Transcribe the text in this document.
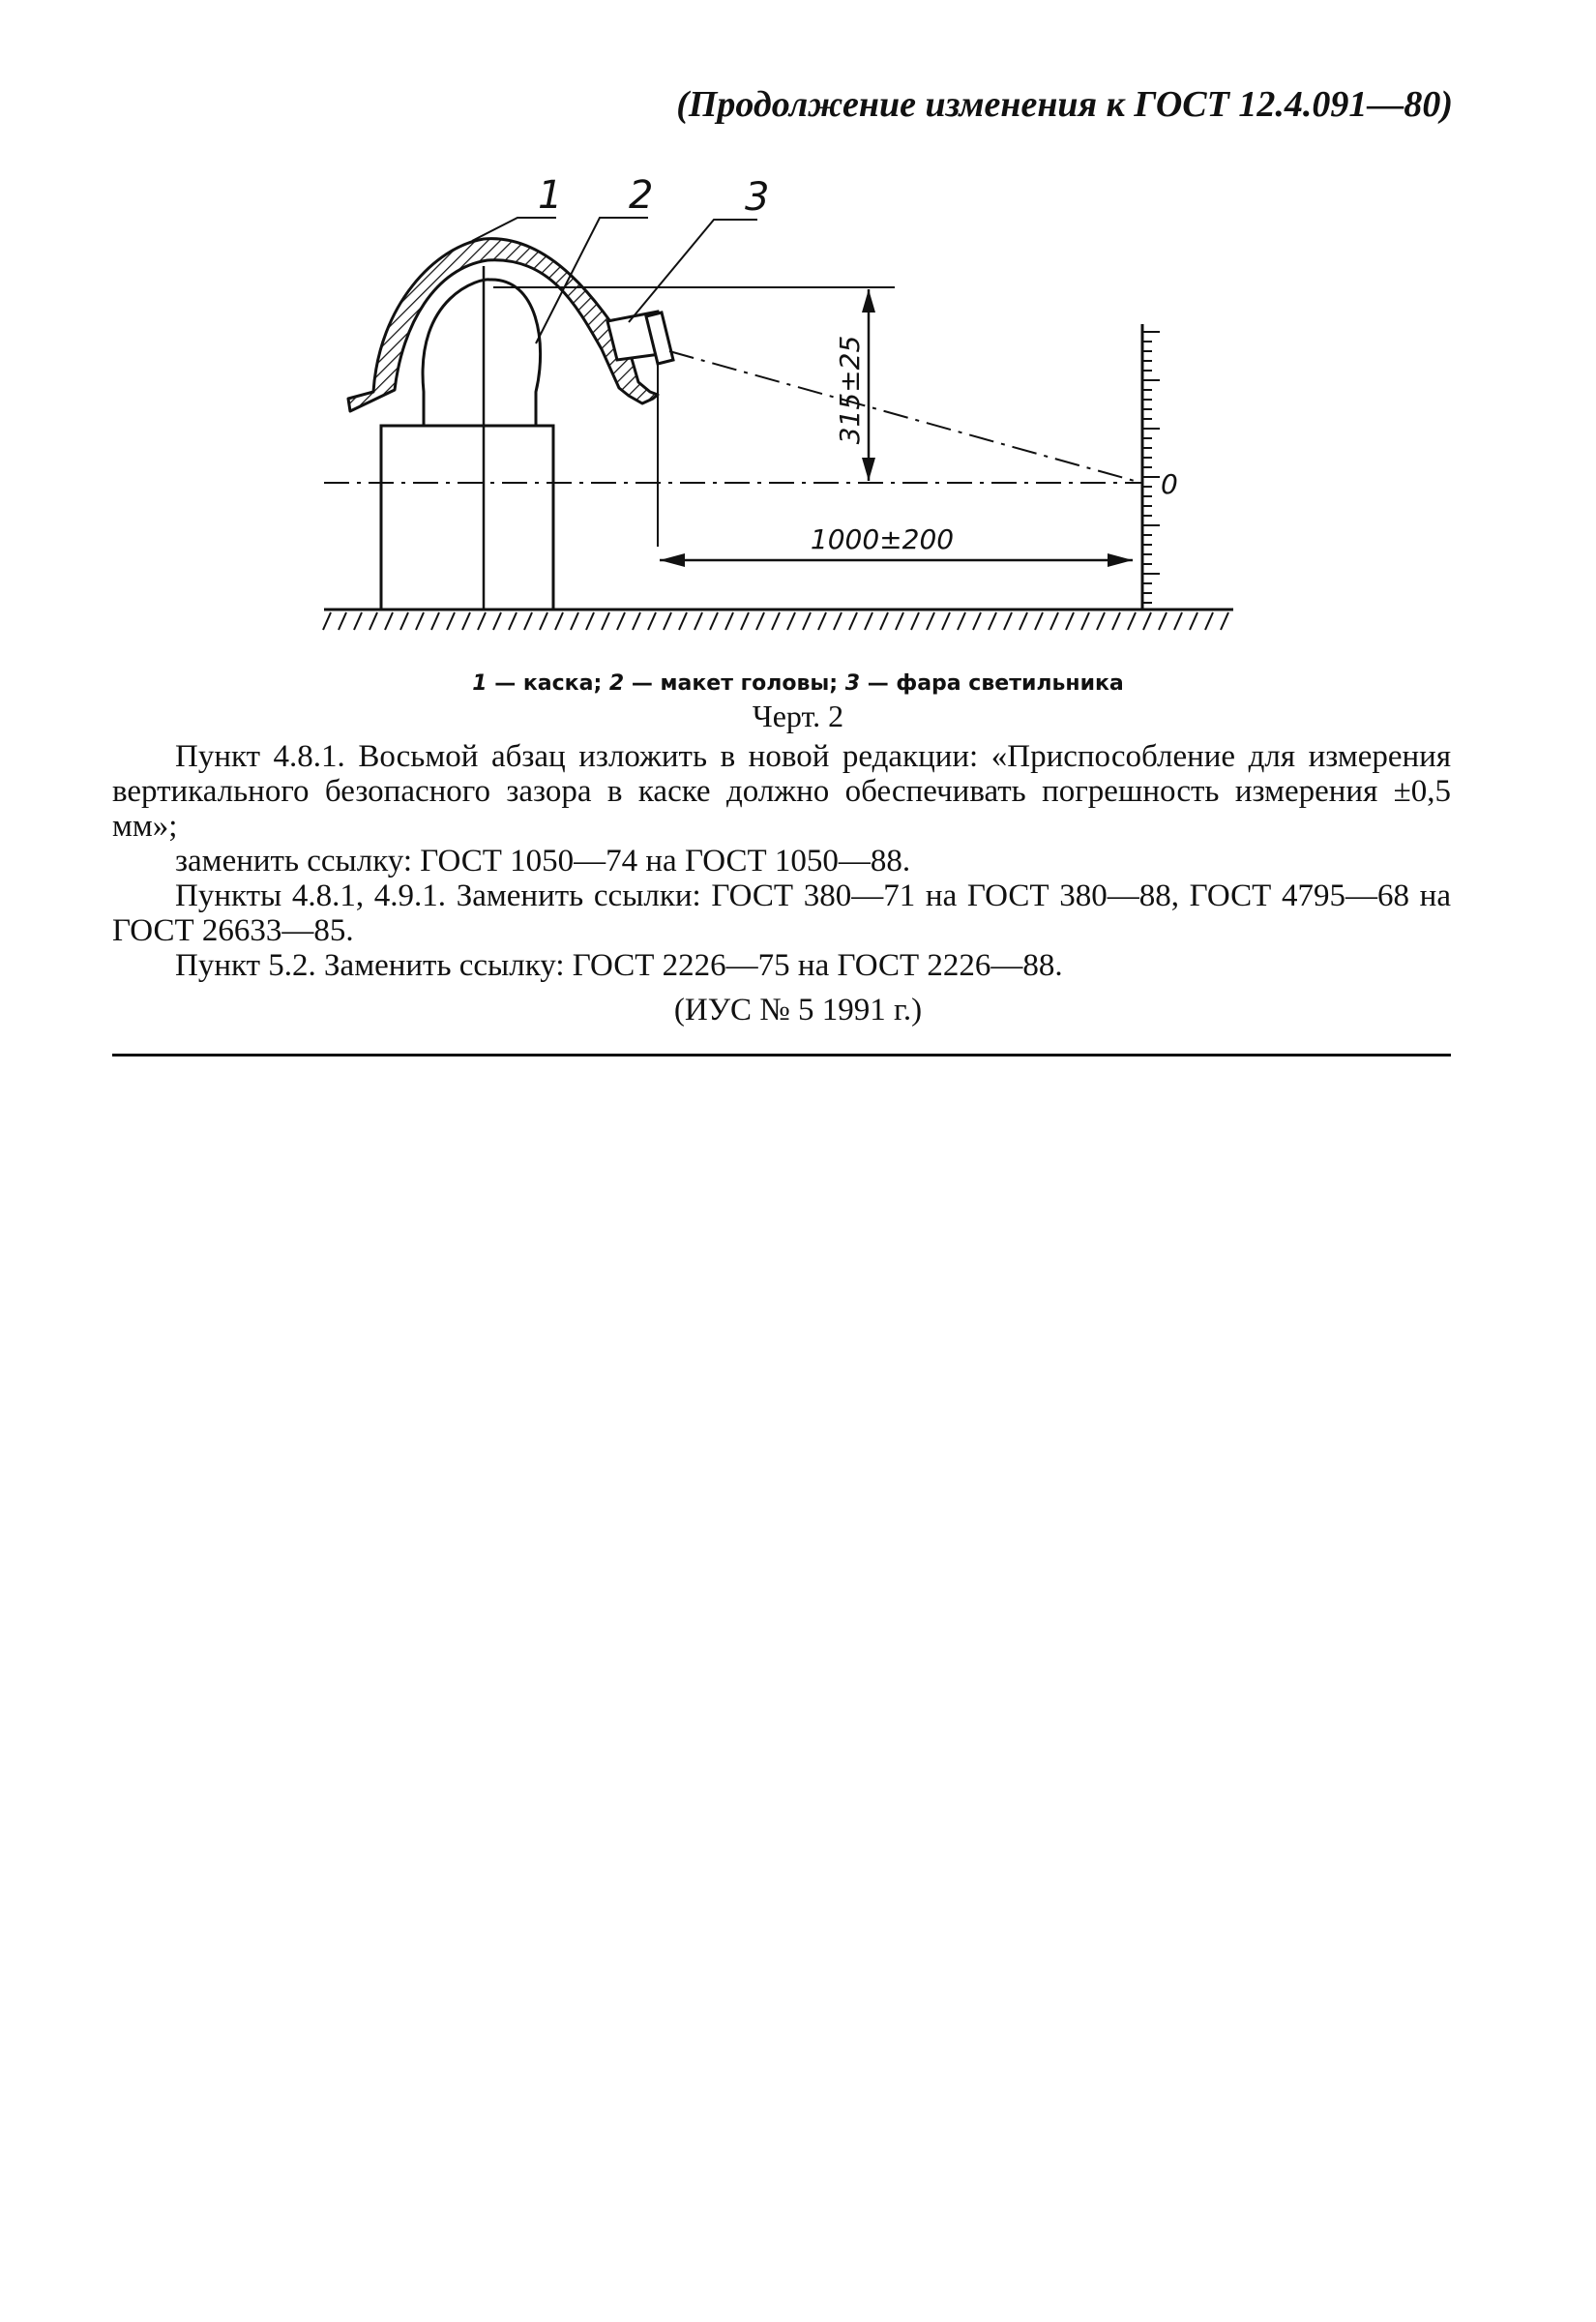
(Продолжение изменения к ГОСТ 12.4.091—80)
315±25
1000±200
0
1 2 3
1 — каска; 2 — макет головы; 3 — фара светильника
Черт. 2

Пункт 4.8.1. Восьмой абзац изложить в новой редакции: «Приспособление для измерения вертикального безопасного зазора в каске должно обеспечивать погрешность измерения ±0,5 мм»;

заменить ссылку: ГОСТ 1050—74 на ГОСТ 1050—88.

Пункты 4.8.1, 4.9.1. Заменить ссылки: ГОСТ 380—71 на ГОСТ 380—88, ГОСТ 4795—68 на ГОСТ 26633—85.

Пункт 5.2. Заменить ссылку: ГОСТ 2226—75 на ГОСТ 2226—88.

(ИУС № 5 1991 г.)
